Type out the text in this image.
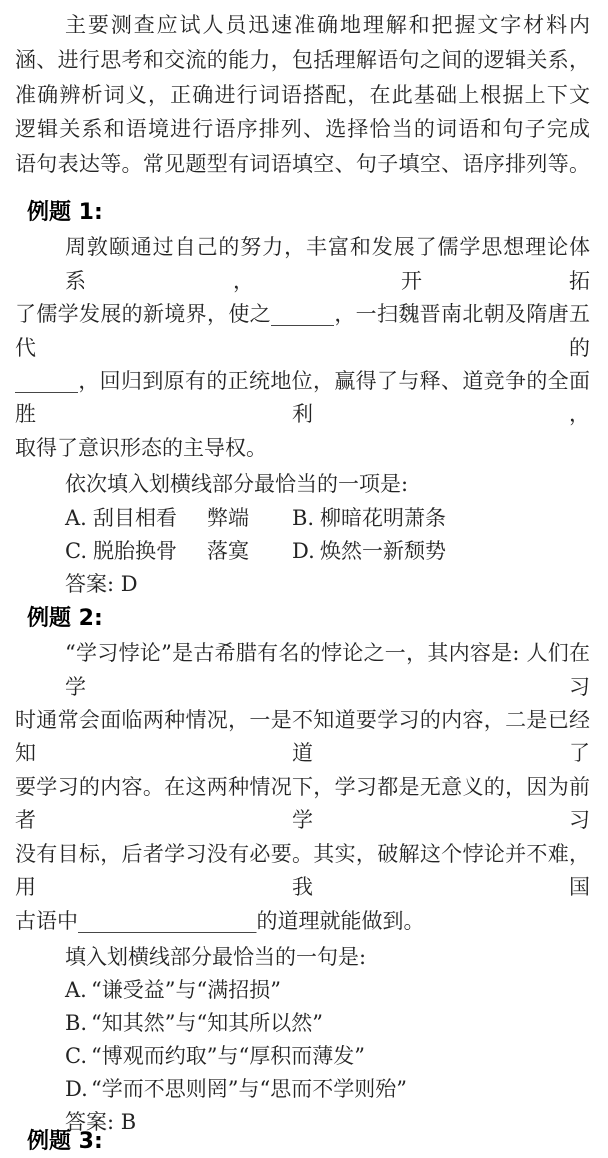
主要测查应试人员迅速准确地理解和把握文字材料内

涵、进行思考和交流的能力，包括理解语句之间的逻辑关系，

准确辨析词义，正确进行词语搭配，在此基础上根据上下文

逻辑关系和语境进行语序排列、选择恰当的词语和句子完成

语句表达等。常见题型有词语填空、句子填空、语序排列等。

例题 1:

周敦颐通过自己的努力，丰富和发展了儒学思想理论体系，开拓

了儒学发展的新境界，使之______，一扫魏晋南北朝及隋唐五代的

______，回归到原有的正统地位，赢得了与释、道竞争的全面胜利，

取得了意识形态的主导权。

依次填入划横线部分最恰当的一项是:

A. 刮目相看 弊端	B. 柳暗花明萧条
C. 脱胎换骨 落寞	D. 焕然一新颓势

答案: D

例题 2:

“学习悖论”是古希腊有名的悖论之一，其内容是: 人们在学习

时通常会面临两种情况，一是不知道要学习的内容，二是已经知道了

要学习的内容。在这两种情况下，学习都是无意义的，因为前者学习

没有目标，后者学习没有必要。其实，破解这个悖论并不难，用我国

古语中_________________的道理就能做到。

填入划横线部分最恰当的一句是:

A. “谦受益”与“满招损”

B. “知其然”与“知其所以然”

C. “博观而约取”与“厚积而薄发”

D. “学而不思则罔”与“思而不学则殆”

答案: B

例题 3:
